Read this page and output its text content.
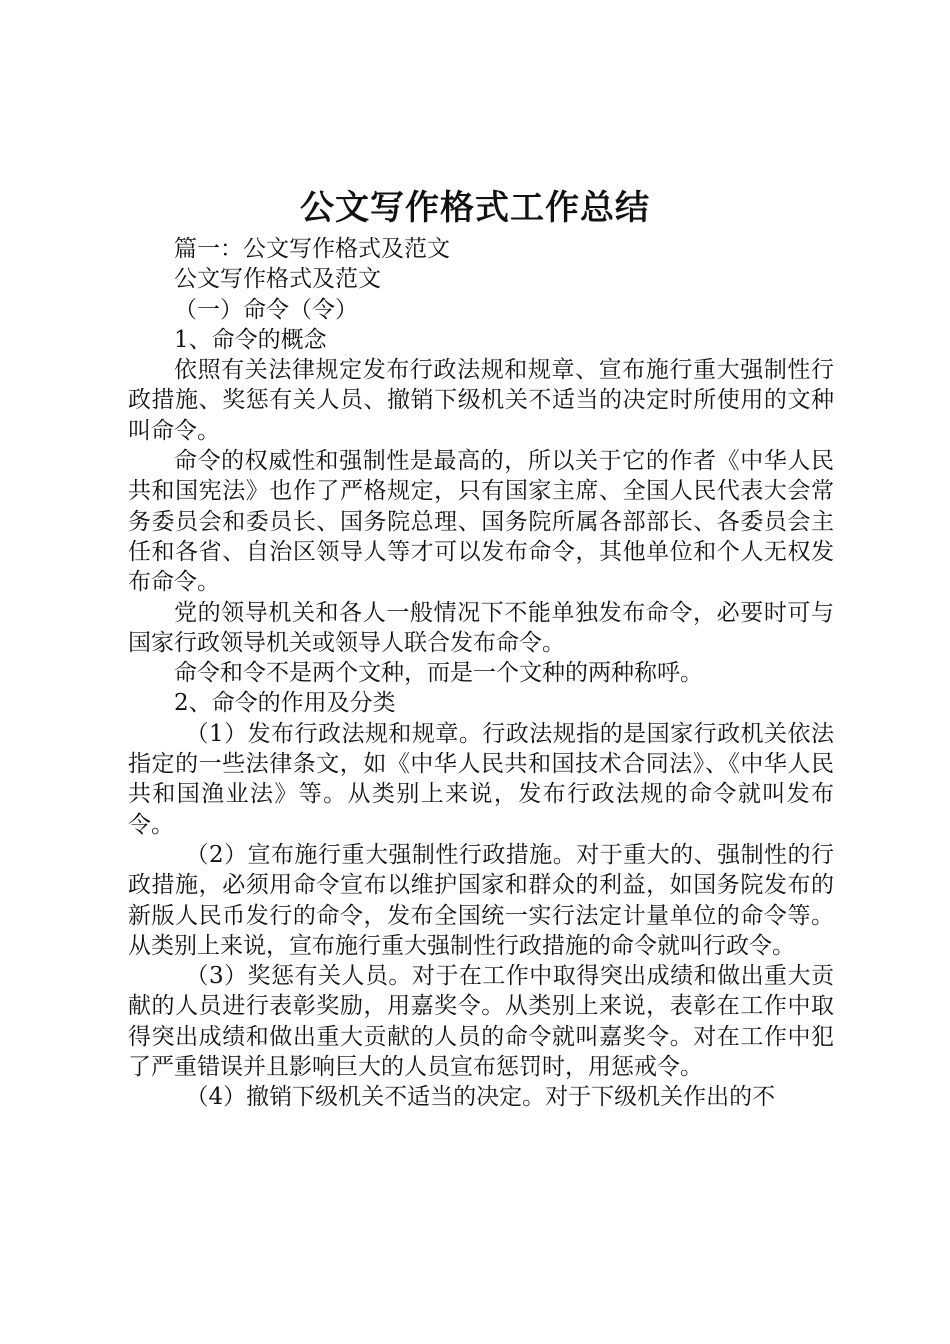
公文写作格式工作总结

篇一：公文写作格式及范文

公文写作格式及范文

（一）命令（令）

1、命令的概念

依照有关法律规定发布行政法规和规章、宣布施行重大强制性行政措施、奖惩有关人员、撤销下级机关不适当的决定时所使用的文种叫命令。

命令的权威性和强制性是最高的，所以关于它的作者《中华人民共和国宪法》也作了严格规定，只有国家主席、全国人民代表大会常务委员会和委员长、国务院总理、国务院所属各部部长、各委员会主任和各省、自治区领导人等才可以发布命令，其他单位和个人无权发布命令。

党的领导机关和各人一般情况下不能单独发布命令，必要时可与国家行政领导机关或领导人联合发布命令。

命令和令不是两个文种，而是一个文种的两种称呼。

2、命令的作用及分类

（1）发布行政法规和规章。行政法规指的是国家行政机关依法指定的一些法律条文，如《中华人民共和国技术合同法》、《中华人民共和国渔业法》等。从类别上来说，发布行政法规的命令就叫发布令。

（2）宣布施行重大强制性行政措施。对于重大的、强制性的行政措施，必须用命令宣布以维护国家和群众的利益，如国务院发布的新版人民币发行的命令，发布全国统一实行法定计量单位的命令等。从类别上来说，宣布施行重大强制性行政措施的命令就叫行政令。

（3）奖惩有关人员。对于在工作中取得突出成绩和做出重大贡献的人员进行表彰奖励，用嘉奖令。从类别上来说，表彰在工作中取得突出成绩和做出重大贡献的人员的命令就叫嘉奖令。对在工作中犯了严重错误并且影响巨大的人员宣布惩罚时，用惩戒令。

（4）撤销下级机关不适当的决定。对于下级机关作出的不
